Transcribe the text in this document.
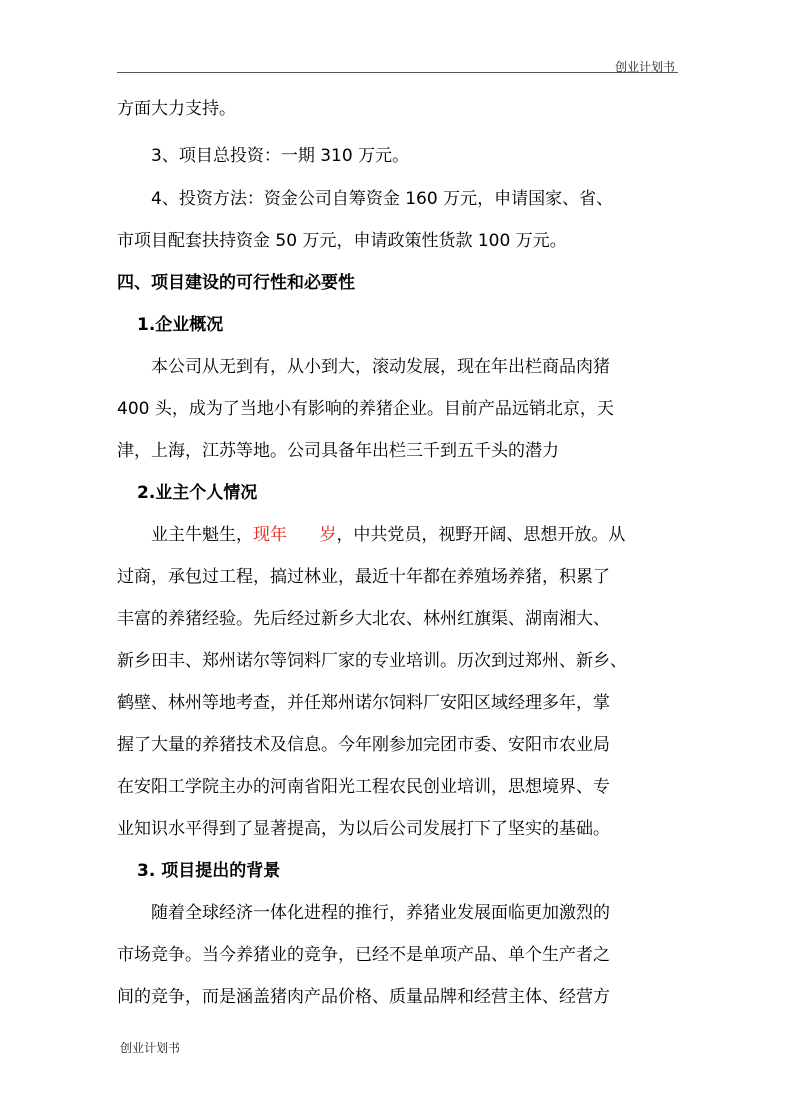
创业计划书
方面大力支持。
3、项目总投资：一期 310 万元。
4、投资方法：资金公司自筹资金 160 万元，申请国家、省、
市项目配套扶持资金 50 万元，申请政策性货款 100 万元。
四、项目建设的可行性和必要性
1.企业概况
本公司从无到有，从小到大，滚动发展，现在年出栏商品肉猪
400 头，成为了当地小有影响的养猪企业。目前产品远销北京，天
津，上海，江苏等地。公司具备年出栏三千到五千头的潜力
2.业主个人情况
业主牛魁生，现年      岁，中共党员，视野开阔、思想开放。从
过商，承包过工程，搞过林业，最近十年都在养殖场养猪，积累了
丰富的养猪经验。先后经过新乡大北农、林州红旗渠、湖南湘大、
新乡田丰、郑州诺尔等饲料厂家的专业培训。历次到过郑州、新乡、
鹤壁、林州等地考查，并任郑州诺尔饲料厂安阳区域经理多年，掌
握了大量的养猪技术及信息。今年刚参加完团市委、安阳市农业局
在安阳工学院主办的河南省阳光工程农民创业培训，思想境界、专
业知识水平得到了显著提高，为以后公司发展打下了坚实的基础。
3. 项目提出的背景
随着全球经济一体化进程的推行，养猪业发展面临更加激烈的
市场竞争。当今养猪业的竞争，已经不是单项产品、单个生产者之
间的竞争，而是涵盖猪肉产品价格、质量品牌和经营主体、经营方
创业计划书
